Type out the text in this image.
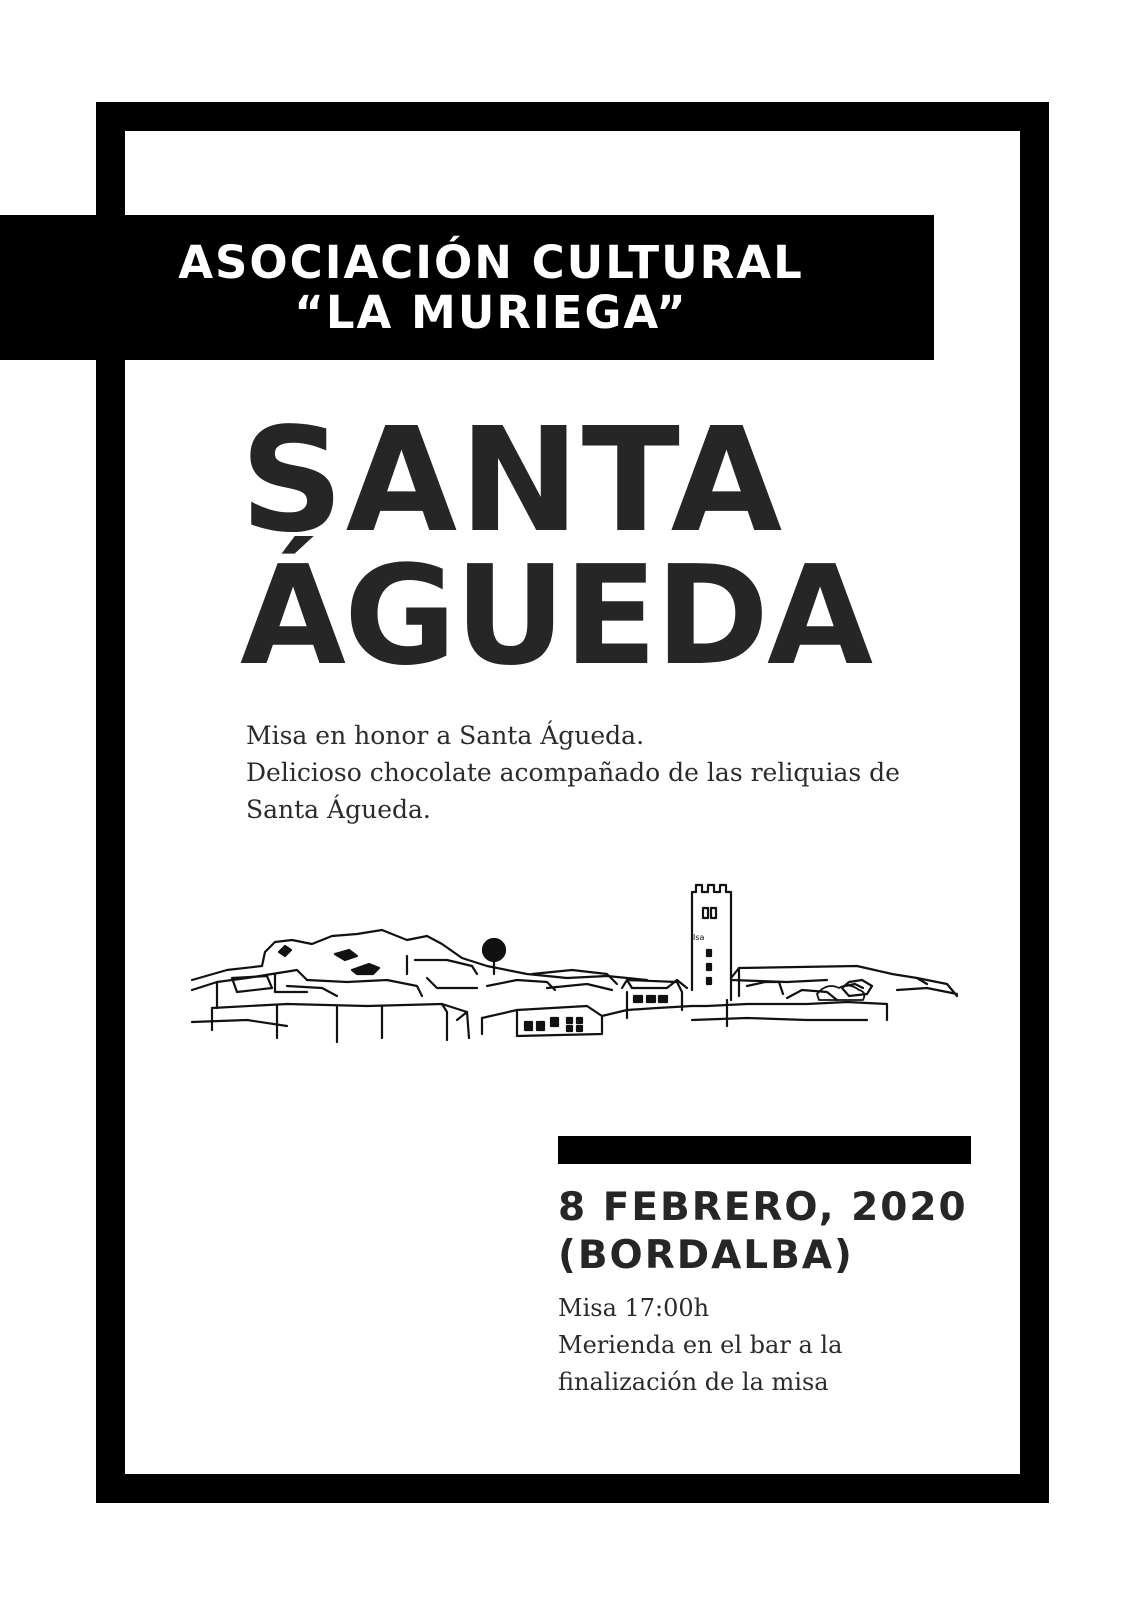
ASOCIACIÓN CULTURAL
“LA MURIEGA”
SANTA
ÁGUEDA
Misa en honor a Santa Águeda.
Delicioso chocolate acompañado de las reliquias de
Santa Águeda.
Isa
8 FEBRERO, 2020
(BORDALBA)
Misa 17:00h
Merienda en el bar a la
finalización de la misa
